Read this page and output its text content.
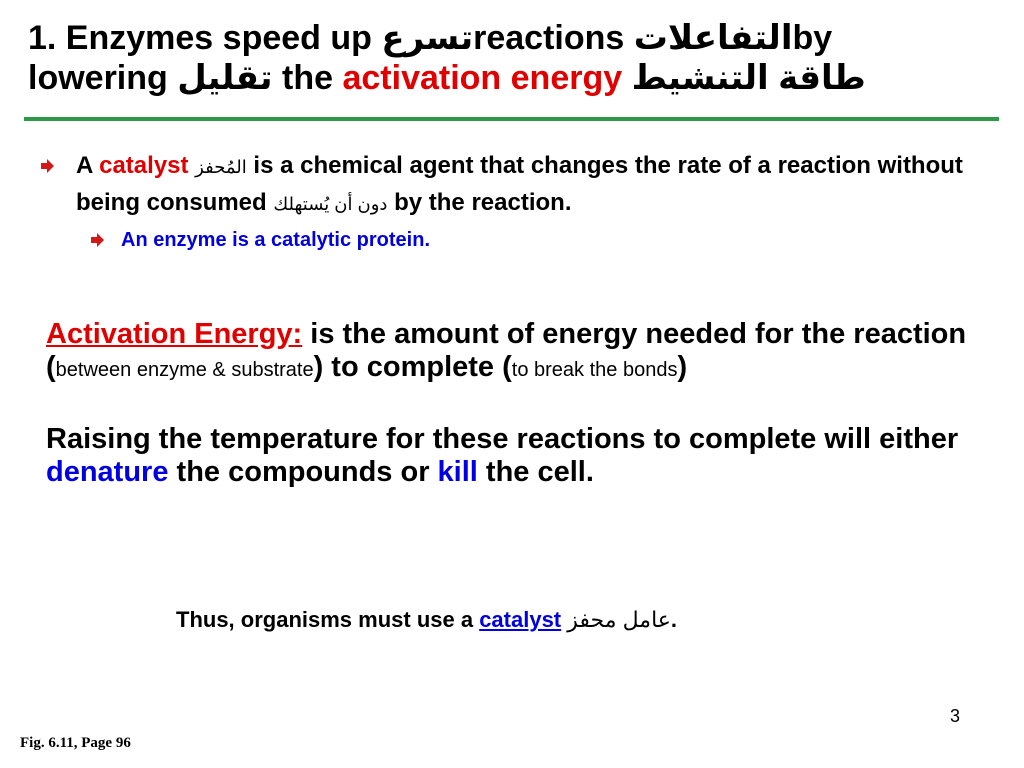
1. Enzymes speed up تسرعreactions التفاعلاتby
lowering تقليل the activation energy طاقة التنشيط
A catalyst المُحفز is a chemical agent that changes the rate of a reaction without being consumed دون أن يُستهلك by the reaction.
An enzyme is a catalytic protein.
Activation Energy: is the amount of energy needed for the reaction (between enzyme & substrate) to complete (to break the bonds)
Raising the temperature for these reactions to complete will either denature the compounds or kill the cell.
Thus, organisms must use a catalyst عامل محفز.
3
Fig. 6.11, Page 96
